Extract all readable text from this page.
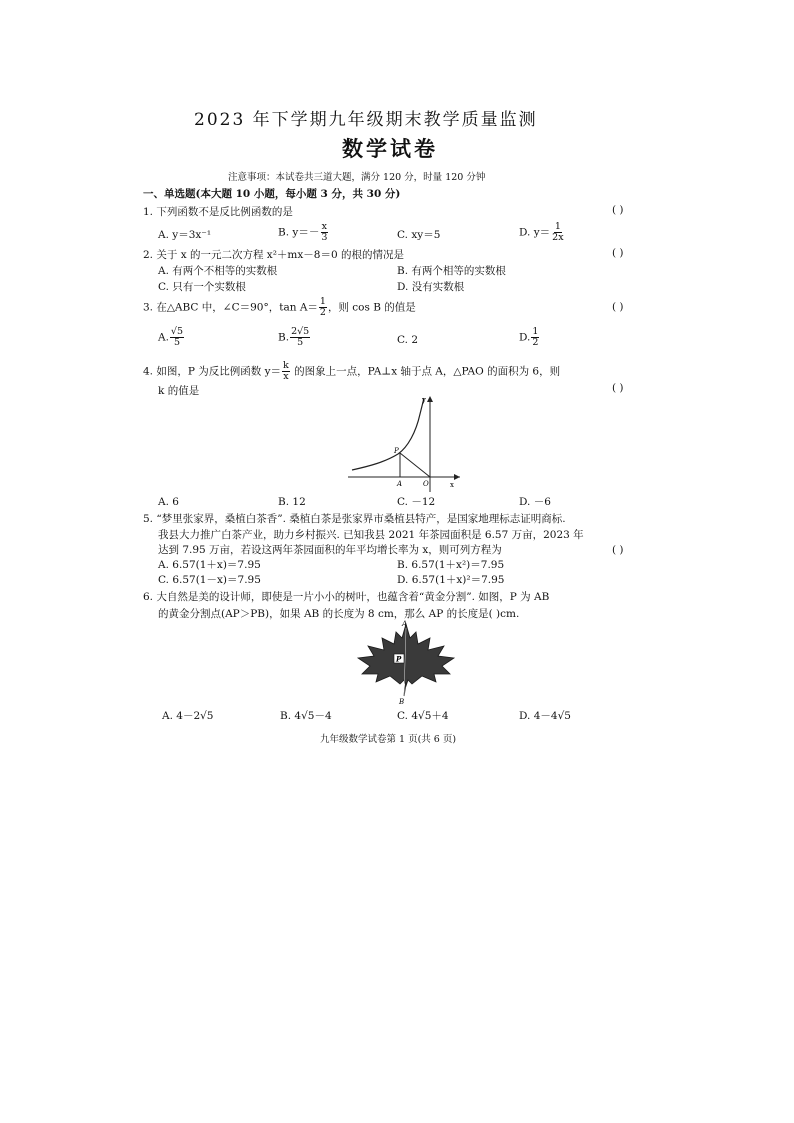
2023 年下学期九年级期末教学质量监测
数学试卷
注意事项：本试卷共三道大题，满分 120 分，时量 120 分钟
一、单选题(本大题 10 小题，每小题 3 分，共 30 分)
1. 下列函数不是反比例函数的是	( )
A. y＝3x⁻¹	B. $y=- \frac{x}{3}$	C. xy＝5	D. $y= \frac{1}{2x}$
2. 关于 x 的一元二次方程 x²＋mx－8＝0 的根的情况是	( )
A. 有两个不相等的实数根	B. 有两个相等的实数根
C. 只有一个实数根	D. 没有实数根
3. 在△ABC 中，∠C＝90°，$\tan A= \frac{1}{2}$ ，则 cos B 的值是	( )
A. $\frac{√5}{5}$	B. $\frac{2√5}{5}$	C. 2	D. $\frac{1}{2}$
4. 如图，P 为反比例函数 $y= \frac{k}{x}$ 的图象上一点，PA⊥x 轴于点 A，△PAO 的面积为 6，则
k 的值是	( )
y
x
P
A	O
A. 6	B. 12	C. －12	D. －6
5. “梦里张家界，桑植白茶香”. 桑植白茶是张家界市桑植县特产，是国家地理标志证明商标.
我县大力推广白茶产业，助力乡村振兴. 已知我县 2021 年茶园面积是 6.57 万亩，2023 年
达到 7.95 万亩，若设这两年茶园面积的年平均增长率为 x，则可列方程为	( )
A. 6.57(1＋x)＝7.95	B. 6.57(1＋x²)＝7.95
C. 6.57(1－x)＝7.95	D. 6.57(1＋x)²＝7.95
6. 大自然是美的设计师，即使是一片小小的树叶，也蕴含着“黄金分割”. 如图，P 为 AB
的黄金分割点(AP＞PB)，如果 AB 的长度为 8 cm，那么 AP 的长度是( )cm.
P
A
B
A. 4－2√5	B. 4√5－4	C. 4√5＋4	D. 4－4√5
九年级数学试卷第 1 页(共 6 页)
